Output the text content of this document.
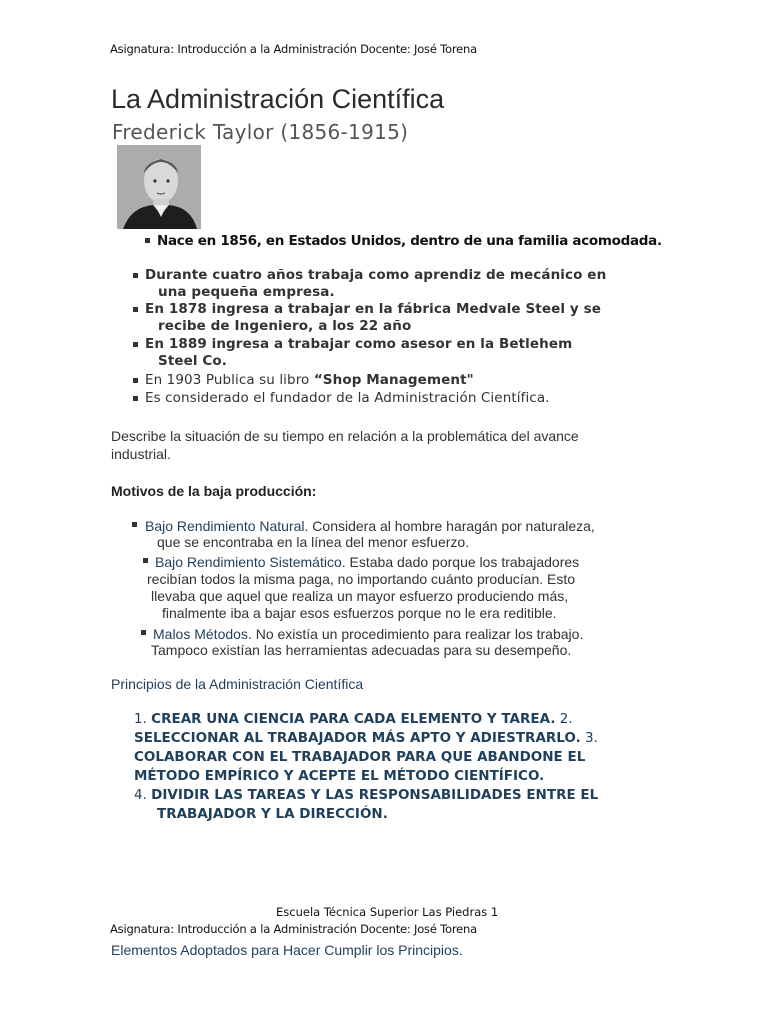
Asignatura: Introducción a la Administración Docente: José Torena
La Administración Científica
Frederick Taylor (1856-1915)
Nace en 1856, en Estados Unidos, dentro de una familia acomodada.
Durante cuatro años trabaja como aprendiz de mecánico en
una pequeña empresa.
En 1878 ingresa a trabajar en la fábrica Medvale Steel y se
recibe de Ingeniero, a los 22 año
En 1889 ingresa a trabajar como asesor en la Betlehem
Steel Co.
En 1903 Publica su libro “Shop Management"
Es considerado el fundador de la Administración Científica.
Describe la situación de su tiempo en relación a la problemática del avance
industrial.
Motivos de la baja producción:
Bajo Rendimiento Natural. Considera al hombre haragán por naturaleza,
que se encontraba en la línea del menor esfuerzo.
Bajo Rendimiento Sistemático. Estaba dado porque los trabajadores
recibían todos la misma paga, no importando cuánto producían. Esto
llevaba que aquel que realiza un mayor esfuerzo produciendo más,
finalmente iba a bajar esos esfuerzos porque no le era reditible.
Malos Métodos. No existía un procedimiento para realizar los trabajo.
Tampoco existían las herramientas adecuadas para su desempeño.
Principios de la Administración Científica
1. CREAR UNA CIENCIA PARA CADA ELEMENTO Y TAREA. 2.
SELECCIONAR AL TRABAJADOR MÁS APTO Y ADIESTRARLO. 3.
COLABORAR CON EL TRABAJADOR PARA QUE ABANDONE EL
MÉTODO EMPÍRICO Y ACEPTE EL MÉTODO CIENTÍFICO.
4. DIVIDIR LAS TAREAS Y LAS RESPONSABILIDADES ENTRE EL
TRABAJADOR Y LA DIRECCIÓN.
Escuela Técnica Superior Las Piedras 1
Asignatura: Introducción a la Administración Docente: José Torena
Elementos Adoptados para Hacer Cumplir los Principios.
